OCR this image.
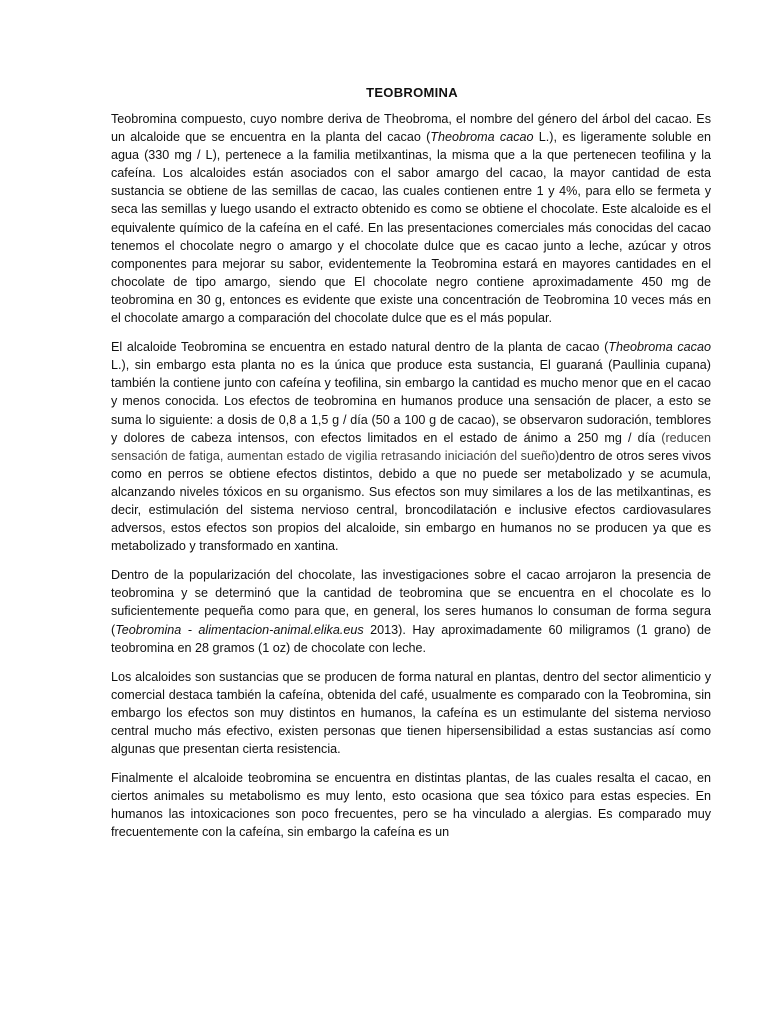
TEOBROMINA

Teobromina compuesto, cuyo nombre deriva de Theobroma, el nombre del género del árbol del cacao. Es un alcaloide que se encuentra en la planta del cacao (Theobroma cacao L.), es ligeramente soluble en agua (330 mg / L), pertenece a la familia metilxantinas, la misma que a la que pertenecen teofilina y la cafeína. Los alcaloides están asociados con el sabor amargo del cacao, la mayor cantidad de esta sustancia se obtiene de las semillas de cacao, las cuales contienen entre 1 y 4%, para ello se fermeta y seca las semillas y luego usando el extracto obtenido es como se obtiene el chocolate. Este alcaloide es el equivalente químico de la cafeína en el café. En las presentaciones comerciales más conocidas del cacao tenemos el chocolate negro o amargo y el chocolate dulce que es cacao junto a leche, azúcar y otros componentes para mejorar su sabor, evidentemente la Teobromina estará en mayores cantidades en el chocolate de tipo amargo, siendo que El chocolate negro contiene aproximadamente 450 mg de teobromina en 30 g, entonces es evidente que existe una concentración de Teobromina 10 veces más en el chocolate amargo a comparación del chocolate dulce que es el más popular.

El alcaloide Teobromina se encuentra en estado natural dentro de la planta de cacao (Theobroma cacao L.), sin embargo esta planta no es la única que produce esta sustancia, El guaraná (Paullinia cupana) también la contiene junto con cafeína y teofilina, sin embargo la cantidad es mucho menor que en el cacao y menos conocida. Los efectos de teobromina en humanos produce una sensación de placer, a esto se suma lo siguiente: a dosis de 0,8 a 1,5 g / día (50 a 100 g de cacao), se observaron sudoración, temblores y dolores de cabeza intensos, con efectos limitados en el estado de ánimo a 250 mg / día (reducen sensación de fatiga, aumentan estado de vigilia retrasando iniciación del sueño)dentro de otros seres vivos como en perros se obtiene efectos distintos, debido a que no puede ser metabolizado y se acumula, alcanzando niveles tóxicos en su organismo. Sus efectos son muy similares a los de las metilxantinas, es decir, estimulación del sistema nervioso central, broncodilatación e inclusive efectos cardiovasulares adversos, estos efectos son propios del alcaloide, sin embargo en humanos no se producen ya que es metabolizado y transformado en xantina.

Dentro de la popularización del chocolate, las investigaciones sobre el cacao arrojaron la presencia de teobromina y se determinó que la cantidad de teobromina que se encuentra en el chocolate es lo suficientemente pequeña como para que, en general, los seres humanos lo consuman de forma segura (Teobromina - alimentacion-animal.elika.eus 2013). Hay aproximadamente 60 miligramos (1 grano) de teobromina en 28 gramos (1 oz) de chocolate con leche.

Los alcaloides son sustancias que se producen de forma natural en plantas, dentro del sector alimenticio y comercial destaca también la cafeína, obtenida del café, usualmente es comparado con la Teobromina, sin embargo los efectos son muy distintos en humanos, la cafeína es un estimulante del sistema nervioso central mucho más efectivo, existen personas que tienen hipersensibilidad a estas sustancias así como algunas que presentan cierta resistencia.

Finalmente el alcaloide teobromina se encuentra en distintas plantas, de las cuales resalta el cacao, en ciertos animales su metabolismo es muy lento, esto ocasiona que sea tóxico para estas especies. En humanos las intoxicaciones son poco frecuentes, pero se ha vinculado a alergias. Es comparado muy frecuentemente con la cafeína, sin embargo la cafeína es un
